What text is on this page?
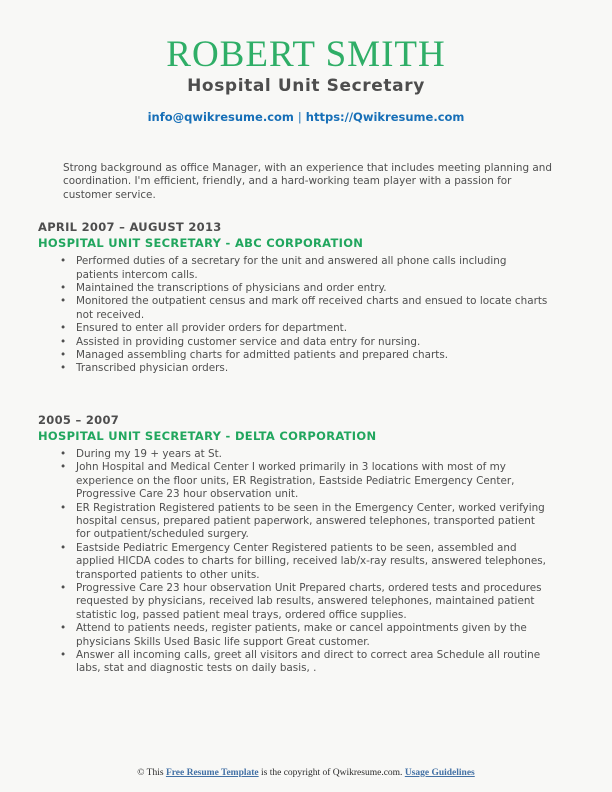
ROBERT SMITH
Hospital Unit Secretary
info@qwikresume.com | https://Qwikresume.com

Strong background as office Manager, with an experience that includes meeting planning and coordination. I'm efficient, friendly, and a hard-working team player with a passion for customer service.

APRIL 2007 – AUGUST 2013
HOSPITAL UNIT SECRETARY - ABC CORPORATION
• Performed duties of a secretary for the unit and answered all phone calls including patients intercom calls.
• Maintained the transcriptions of physicians and order entry.
• Monitored the outpatient census and mark off received charts and ensued to locate charts not received.
• Ensured to enter all provider orders for department.
• Assisted in providing customer service and data entry for nursing.
• Managed assembling charts for admitted patients and prepared charts.
• Transcribed physician orders.
2005 – 2007
HOSPITAL UNIT SECRETARY - DELTA CORPORATION
• During my 19 + years at St.
• John Hospital and Medical Center I worked primarily in 3 locations with most of my experience on the floor units, ER Registration, Eastside Pediatric Emergency Center, Progressive Care 23 hour observation unit.
• ER Registration Registered patients to be seen in the Emergency Center, worked verifying hospital census, prepared patient paperwork, answered telephones, transported patient for outpatient/scheduled surgery.
• Eastside Pediatric Emergency Center Registered patients to be seen, assembled and applied HICDA codes to charts for billing, received lab/x-ray results, answered telephones, transported patients to other units.
• Progressive Care 23 hour observation Unit Prepared charts, ordered tests and procedures requested by physicians, received lab results, answered telephones, maintained patient statistic log, passed patient meal trays, ordered office supplies.
• Attend to patients needs, register patients, make or cancel appointments given by the physicians Skills Used Basic life support Great customer.
• Answer all incoming calls, greet all visitors and direct to correct area Schedule all routine labs, stat and diagnostic tests on daily basis, .
© This Free Resume Template is the copyright of Qwikresume.com. Usage Guidelines
